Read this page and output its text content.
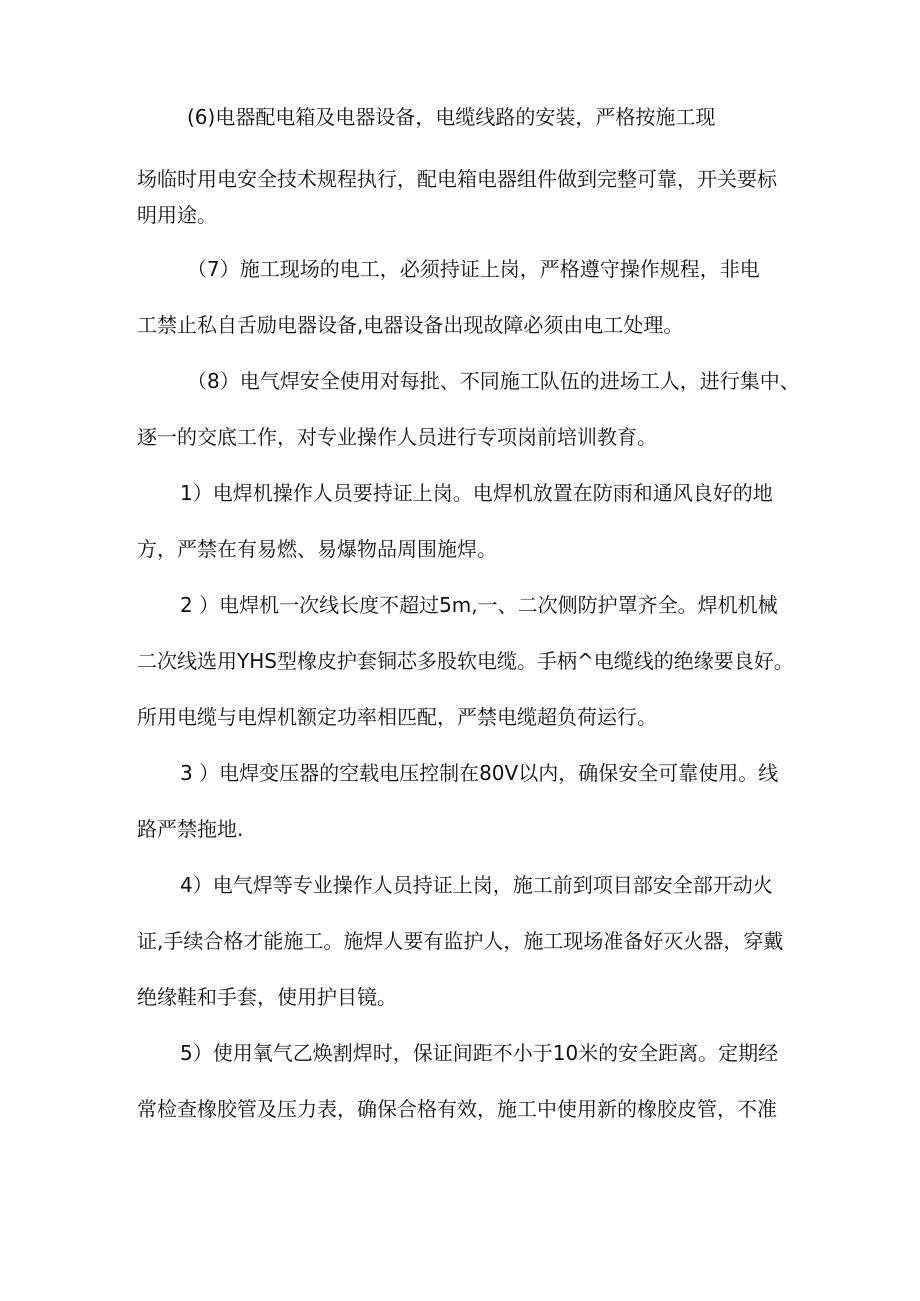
(6)电器配电箱及电器设备，电缆线路的安装，严格按施工现
场临时用电安全技术规程执行，配电箱电器组件做到完整可靠，开关要标
明用途。
（7）施工现场的电工，必须持证上岗，严格遵守操作规程，非电
工禁止私自舌励电器设备,电器设备出现故障必须由电工处理。
（8）电气焊安全使用对每批、不同施工队伍的进场工人，进行集中、
逐一的交底工作，对专业操作人员进行专项岗前培训教育。
1）电焊机操作人员要持证上岗。电焊机放置在防雨和通风良好的地
方，严禁在有易燃、易爆物品周围施焊。
2 ）电焊机一次线长度不超过5m,一、二次侧防护罩齐全。焊机机械
二次线选用YHS型橡皮护套铜芯多股软电缆。手柄^电缆线的绝缘要良好。
所用电缆与电焊机额定功率相匹配，严禁电缆超负荷运行。
3 ）电焊变压器的空载电压控制在80V以内，确保安全可靠使用。线
路严禁拖地.
4）电气焊等专业操作人员持证上岗，施工前到项目部安全部开动火
证,手续合格才能施工。施焊人要有监护人，施工现场准备好灭火器，穿戴
绝缘鞋和手套，使用护目镜。
5）使用氧气乙焕割焊时，保证间距不小于10米的安全距离。定期经
常检查橡胶管及压力表，确保合格有效，施工中使用新的橡胶皮管，不准
